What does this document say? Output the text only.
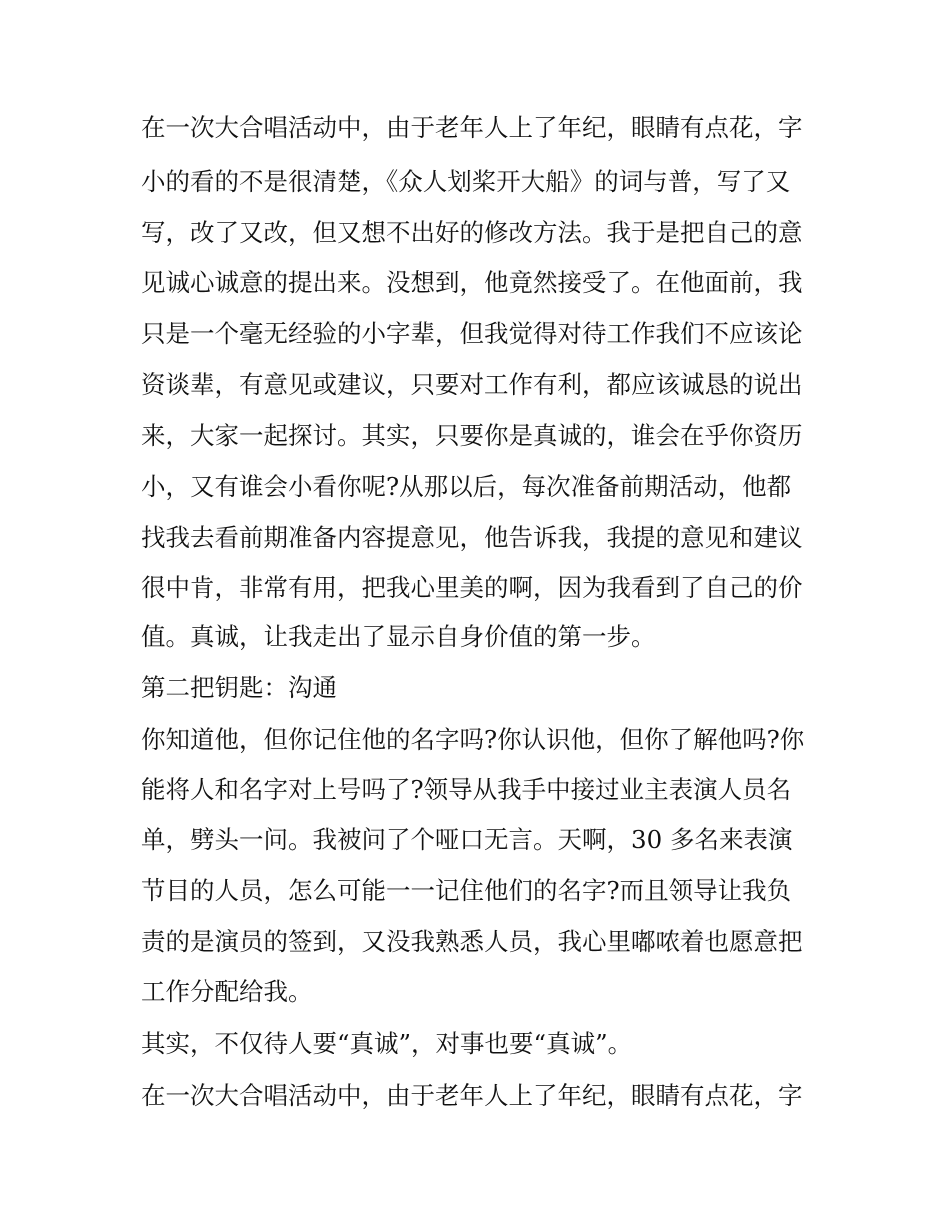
在一次大合唱活动中，由于老年人上了年纪，眼睛有点花，字

小的看的不是很清楚，《众人划桨开大船》的词与普，写了又

写，改了又改，但又想不出好的修改方法。我于是把自己的意

见诚心诚意的提出来。没想到，他竟然接受了。在他面前，我

只是一个毫无经验的小字辈，但我觉得对待工作我们不应该论

资谈辈，有意见或建议，只要对工作有利，都应该诚恳的说出

来，大家一起探讨。其实，只要你是真诚的，谁会在乎你资历

小，又有谁会小看你呢?从那以后，每次准备前期活动，他都

找我去看前期准备内容提意见，他告诉我，我提的意见和建议

很中肯，非常有用，把我心里美的啊，因为我看到了自己的价

值。真诚，让我走出了显示自身价值的第一步。

第二把钥匙：沟通

你知道他，但你记住他的名字吗?你认识他，但你了解他吗?你

能将人和名字对上号吗了?领导从我手中接过业主表演人员名

单，劈头一问。我被问了个哑口无言。天啊，30 多名来表演

节目的人员，怎么可能一一记住他们的名字?而且领导让我负

责的是演员的签到，又没我熟悉人员，我心里嘟哝着也愿意把

工作分配给我。

其实，不仅待人要“真诚”，对事也要“真诚”。

在一次大合唱活动中，由于老年人上了年纪，眼睛有点花，字
